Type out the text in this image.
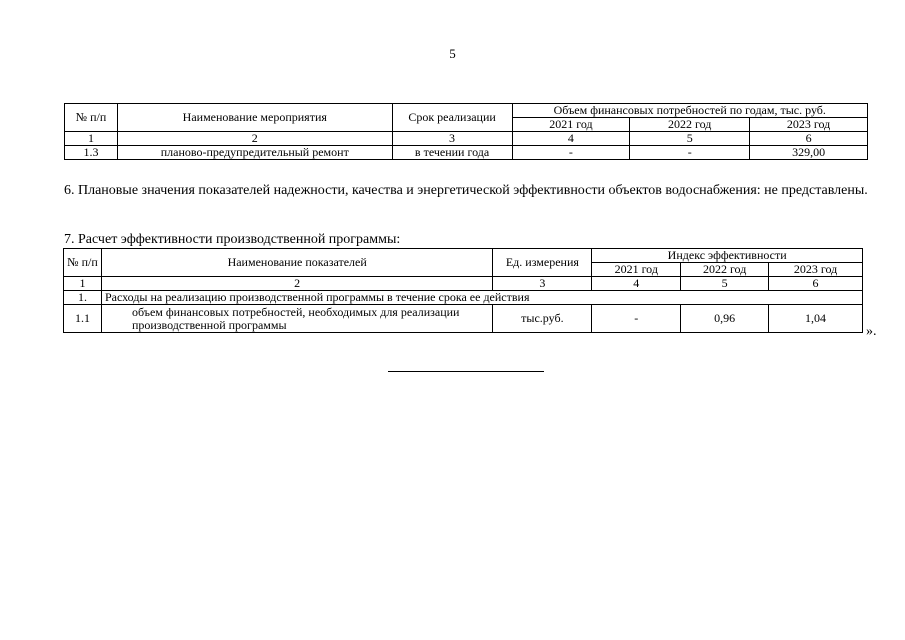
5
№ п/п	Наименование мероприятия	Срок реализации	Объем финансовых потребностей по годам, тыс. руб.		
			2021 год	2022 год	2023 год
1	2	3	4	5	6
1.3	планово-предупредительный ремонт	в течении года	-	-	329,00
6. Плановые значения показателей надежности, качества и энергетической эффективности объектов водоснабжения: не представлены.
7. Расчет эффективности производственной программы:
№ п/п	Наименование показателей	Ед. измерения	Индекс эффективности		
			2021 год	2022 год	2023 год
1	2	3	4	5	6
1.	Расходы на реализацию производственной программы в течение срока ее действия				
1.1	объем финансовых потребностей, необходимых для реализации производственной программы	тыс.руб.	-	0,96	1,04
».
